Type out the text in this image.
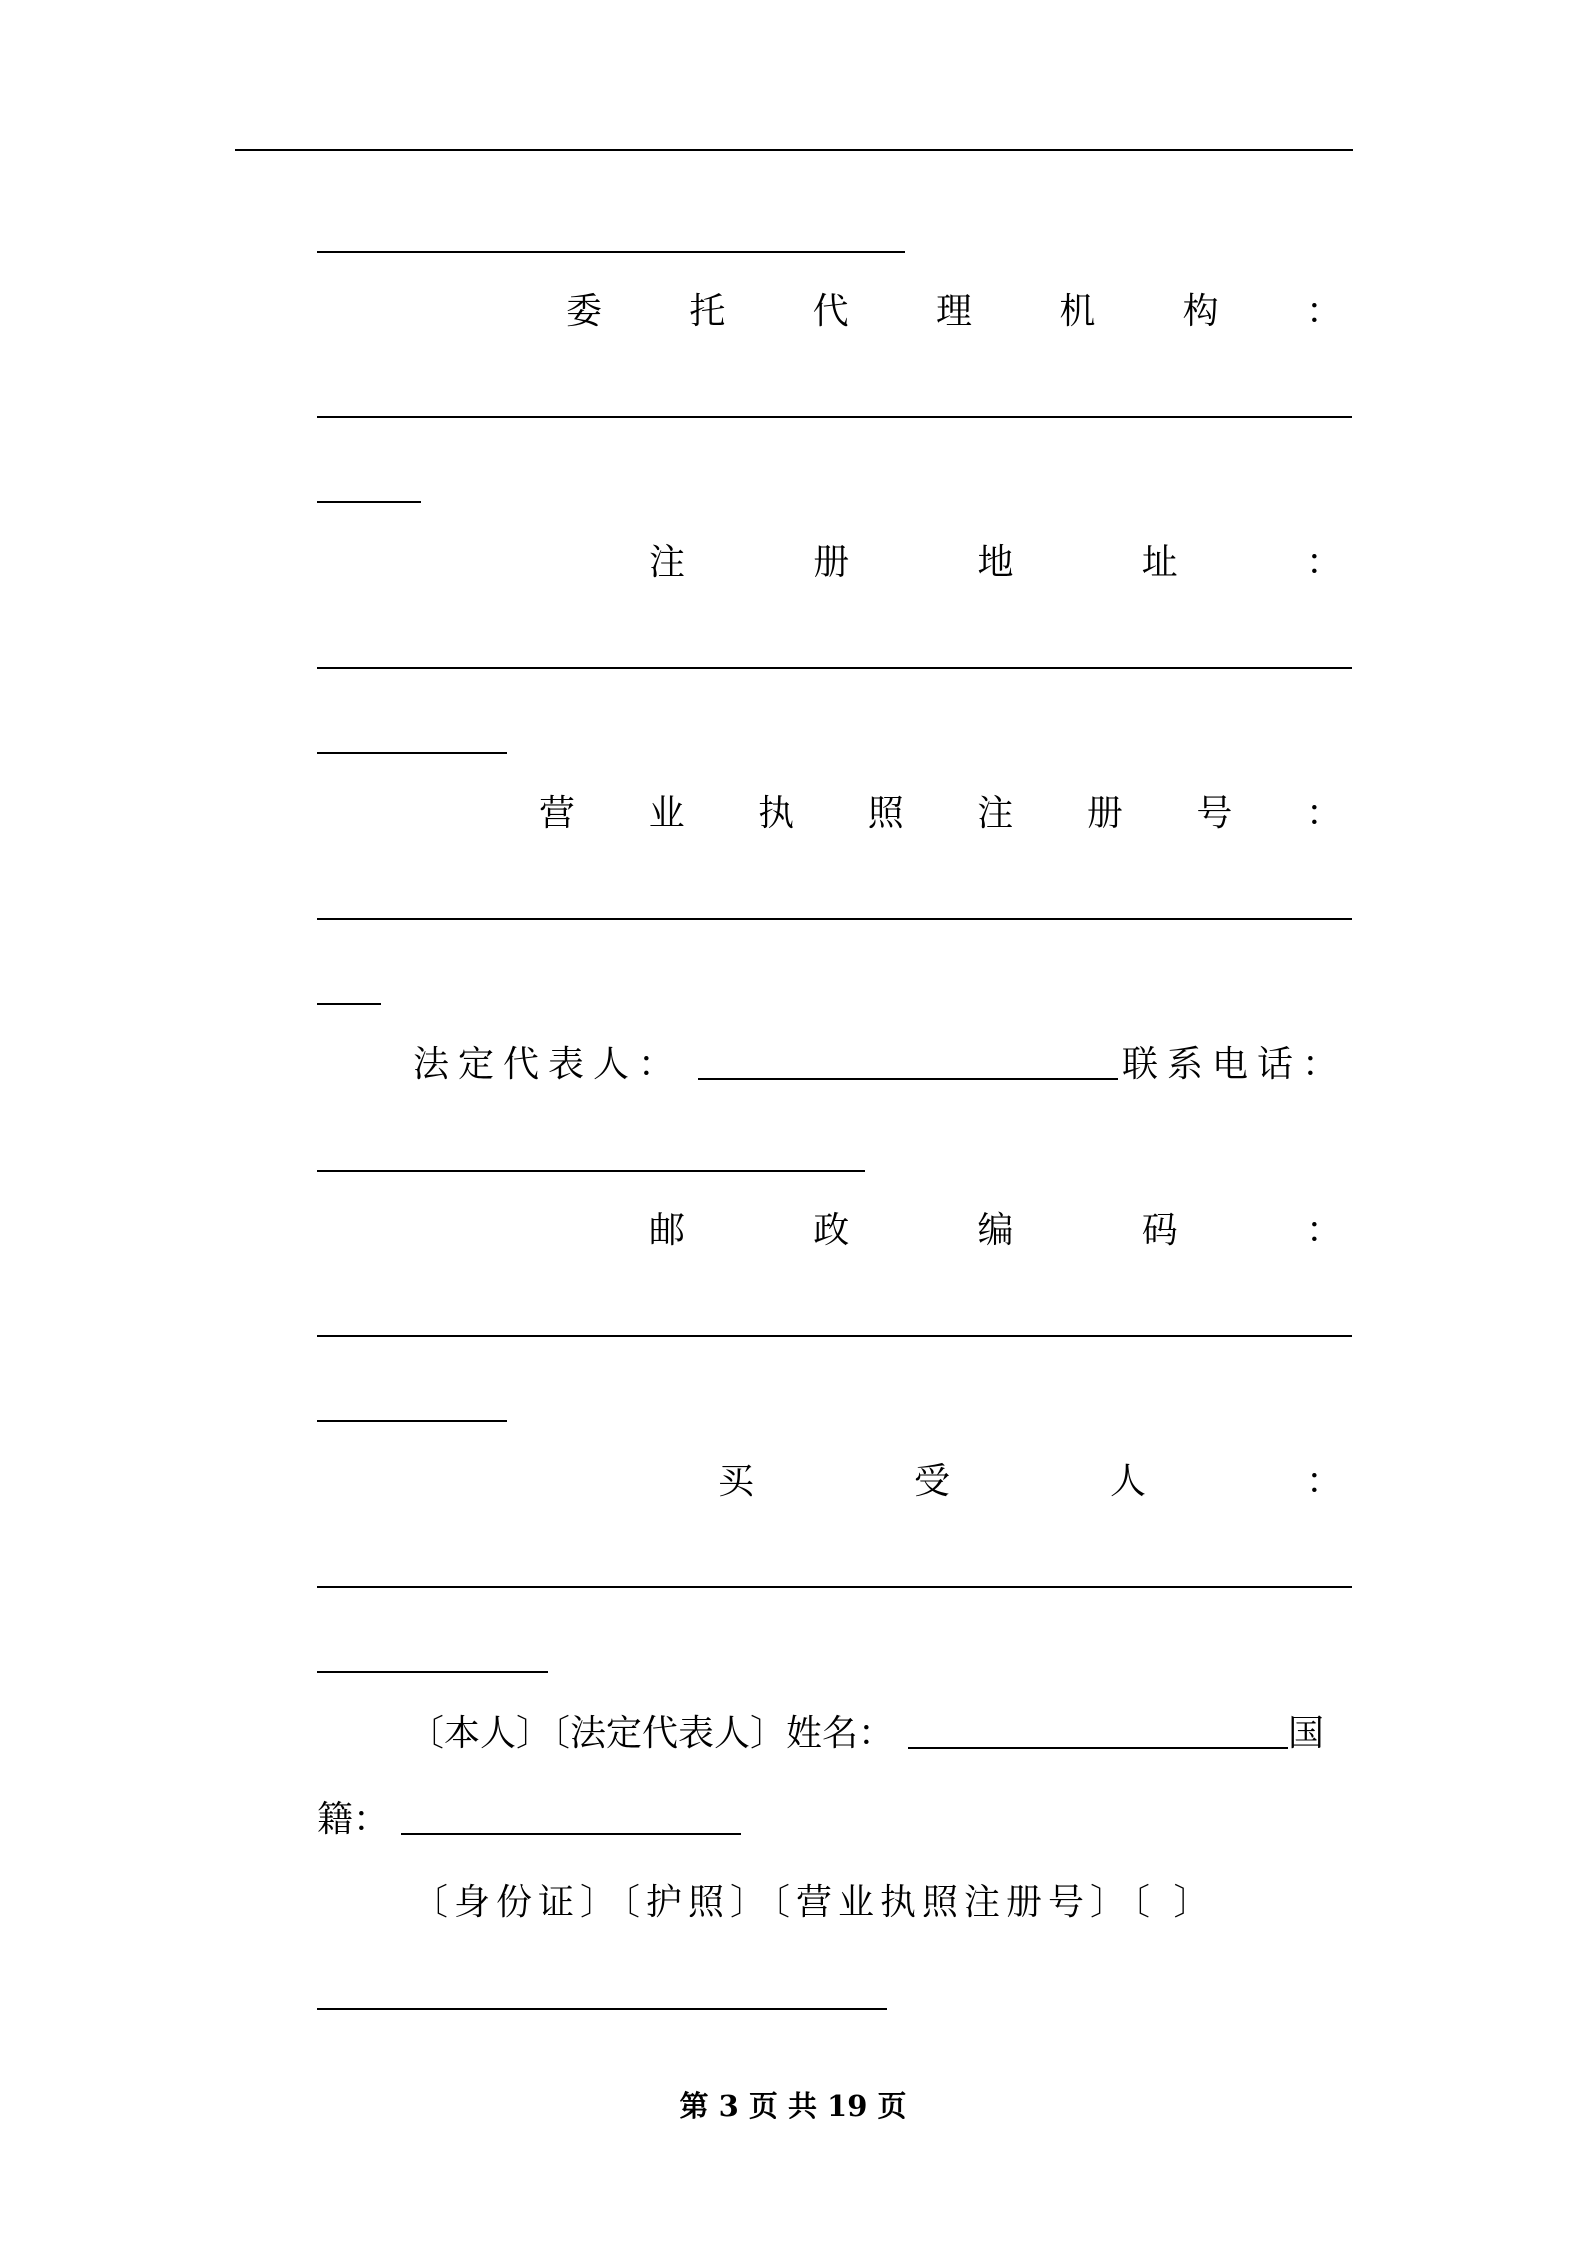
委 托 代 理 机 构 ：
注	册	地	址	：
营 业 执 照 注 册 号 ：
法定代表人：	联系电话：
邮	政	编	码	：
买	受	人	：
〔本人〕〔法定代表人〕姓名：	国
籍：
〔身份证〕〔护照〕〔营业执照注册号〕〔 〕
第 3 页 共 19 页
